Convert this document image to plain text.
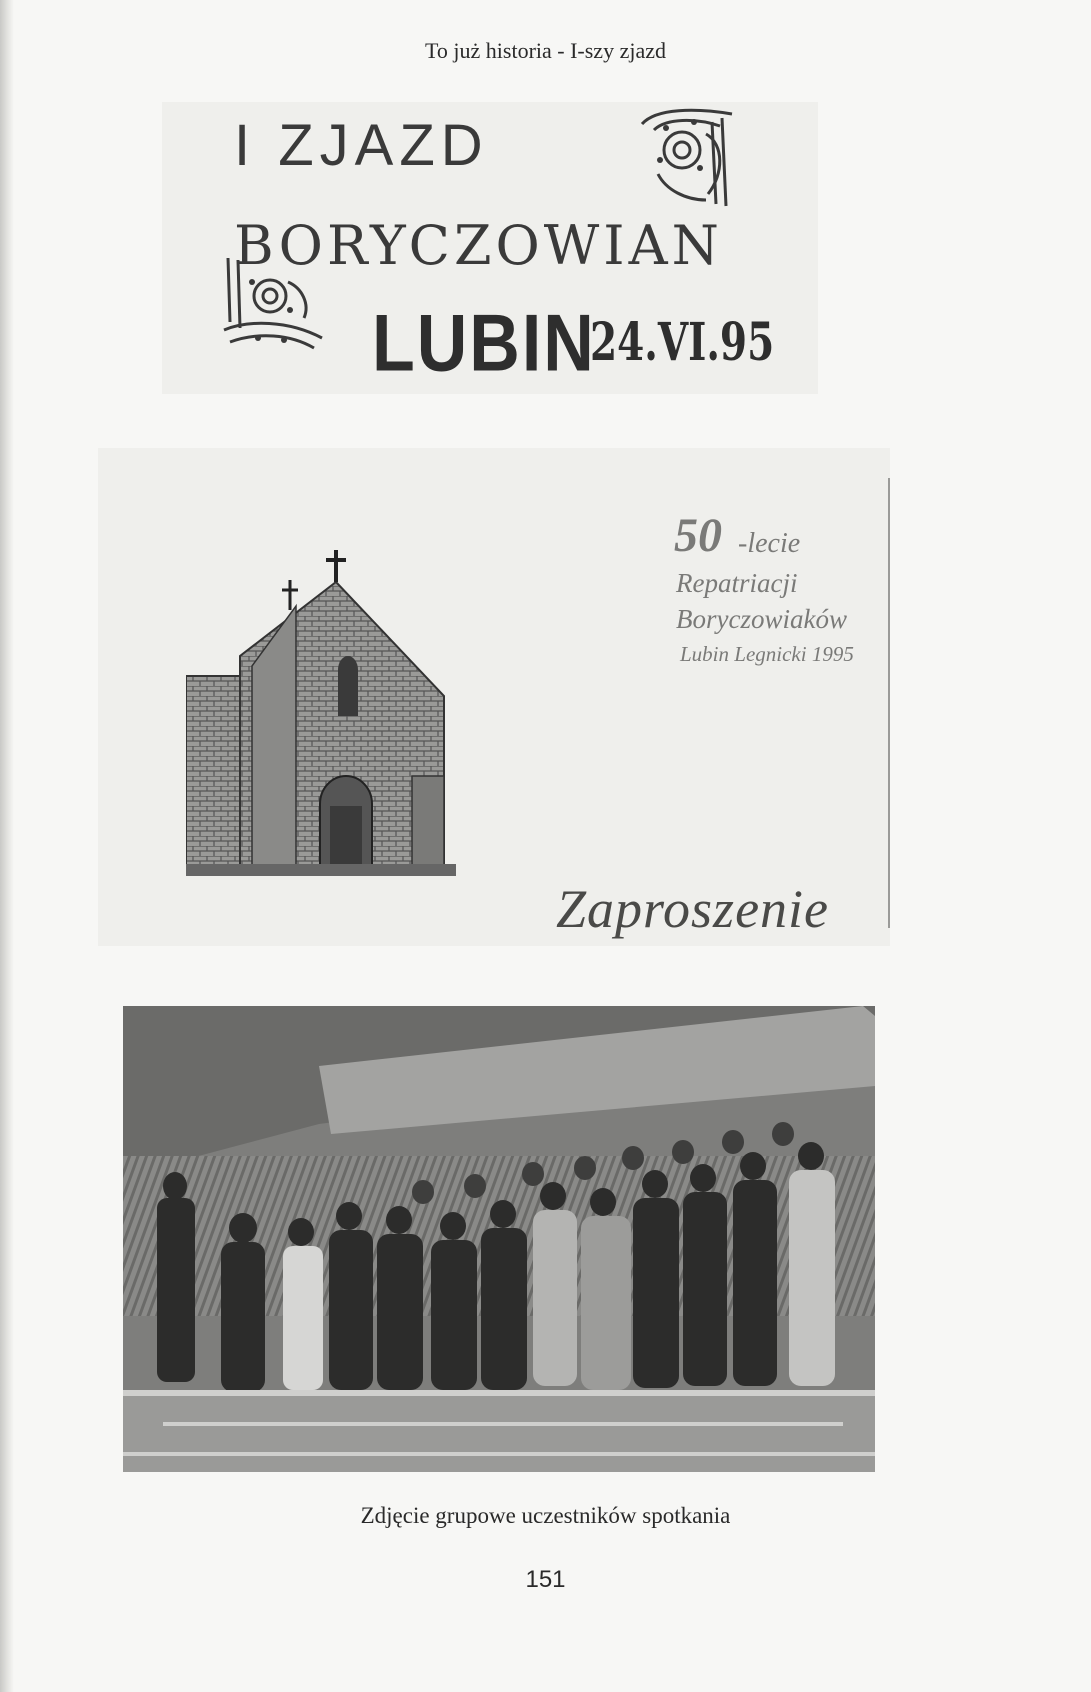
To już historia - I-szy zjazd
I ZJAZD
BORYCZOWIAN
LUBIN
24.VI.95
50 -lecie
Repatriacji
Boryczowiaków
Lubin Legnicki 1995
Zaproszenie
Zdjęcie grupowe uczestników spotkania
151
